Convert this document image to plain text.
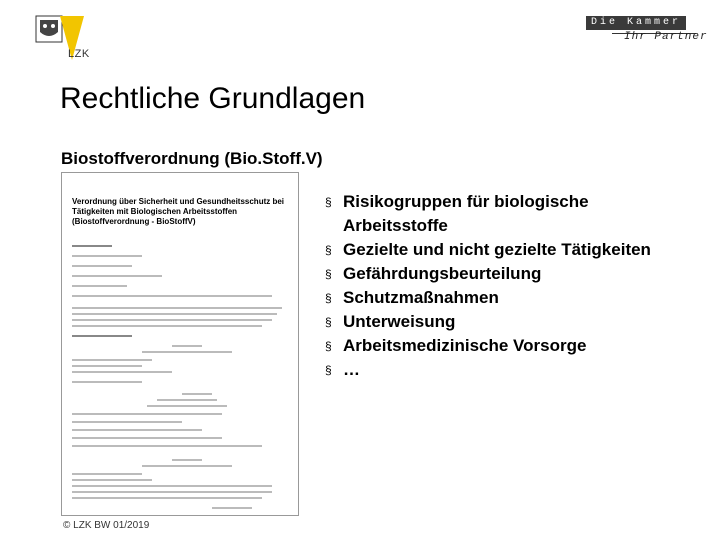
LZK
Die Kammer
Ihr Partner
Rechtliche Grundlagen
Biostoffverordnung (Bio.Stoff.V)
Verordnung über Sicherheit und Gesundheitsschutz bei Tätigkeiten mit Biologischen Arbeitsstoffen (Biostoffverordnung - BioStoffV)
§ Risikogruppen für biologische Arbeitsstoffe
§ Gezielte und nicht gezielte Tätigkeiten
§ Gefährdungsbeurteilung
§ Schutzmaßnahmen
§ Unterweisung
§ Arbeitsmedizinische Vorsorge
§ …
© LZK BW 01/2019
